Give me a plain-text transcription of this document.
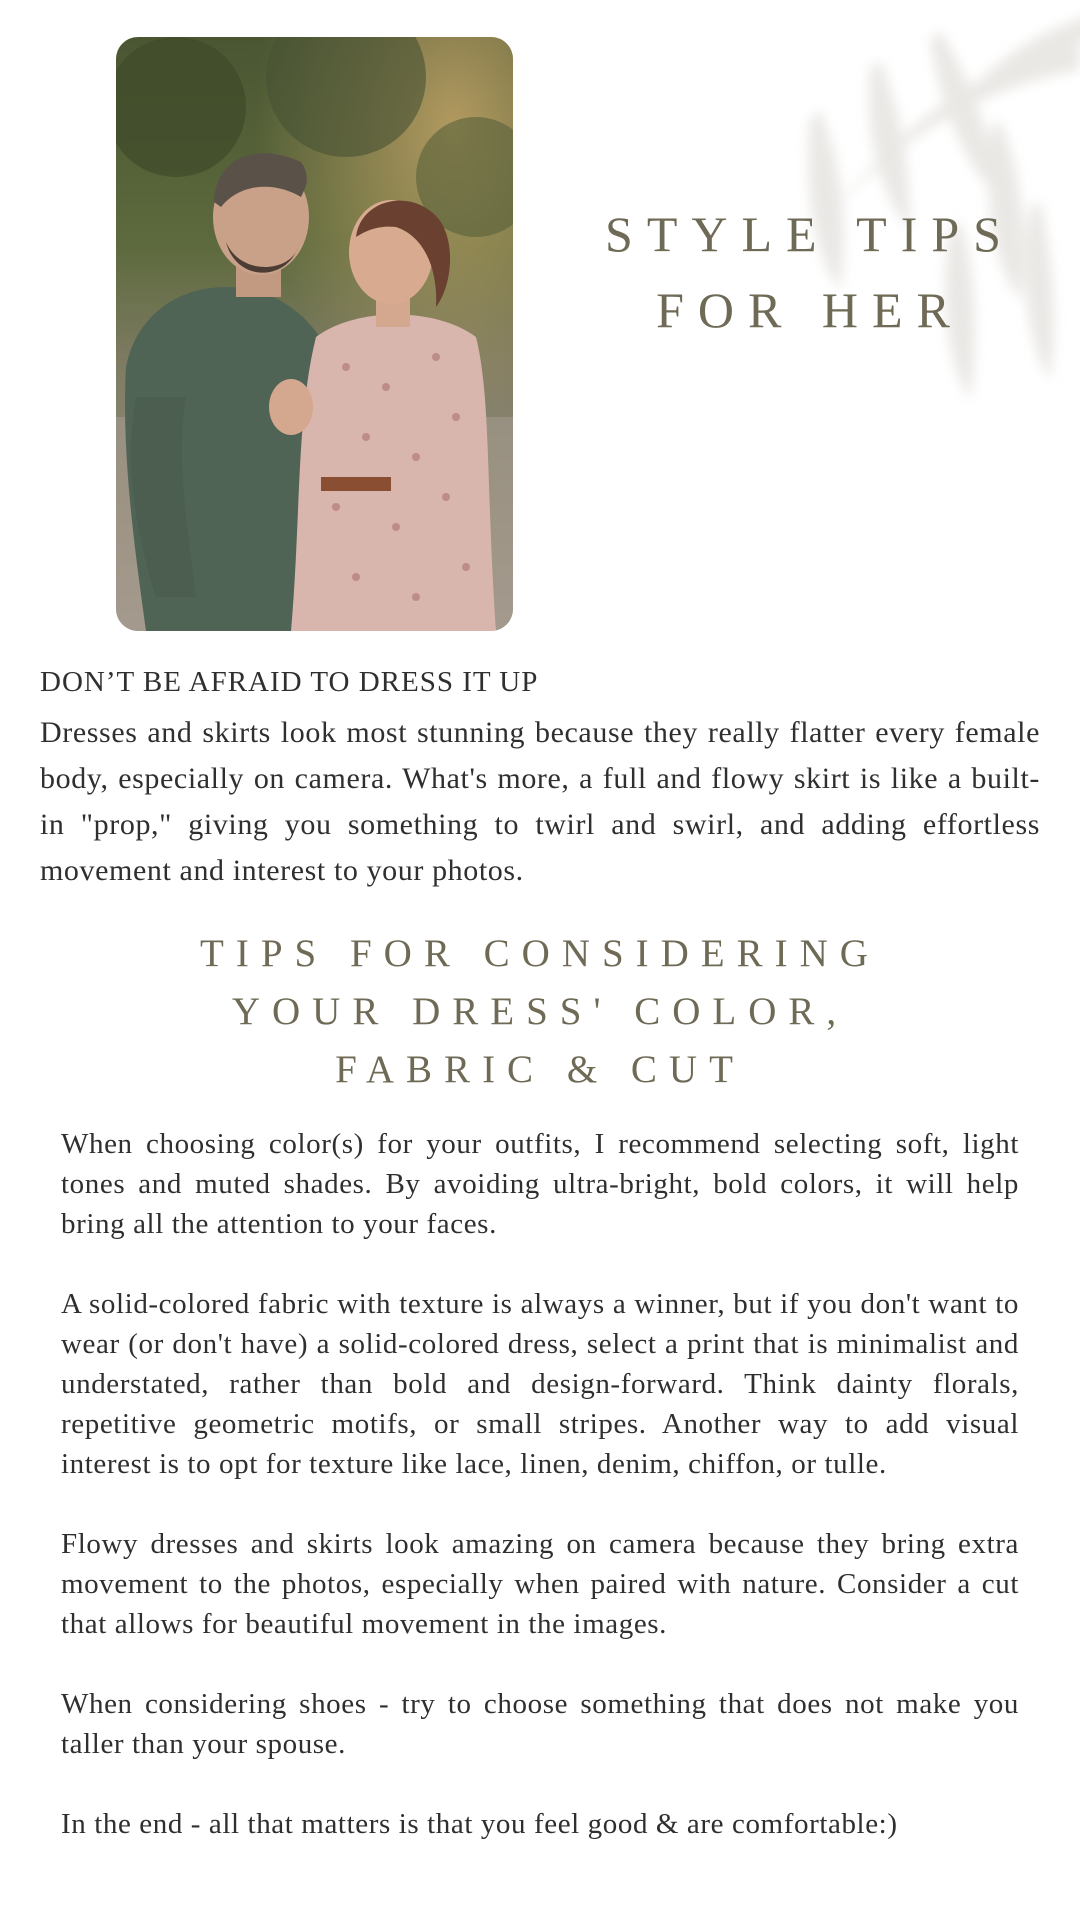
STYLE TIPS
FOR HER
DON’T BE AFRAID TO DRESS IT UP
Dresses and skirts look most stunning because they really flatter every female body, especially on camera. What's more, a full and flowy skirt is like a built-in "prop," giving you something to twirl and swirl, and adding effortless movement and interest to your photos.
TIPS FOR CONSIDERING
YOUR DRESS' COLOR,
FABRIC & CUT

When choosing color(s) for your outfits, I recommend selecting soft, light tones and muted shades. By avoiding ultra-bright, bold colors, it will help bring all the attention to your faces.

A solid-colored fabric with texture is always a winner, but if you don't want to wear (or don't have) a solid-colored dress, select a print that is minimalist and understated, rather than bold and design-forward. Think dainty florals, repetitive geometric motifs, or small stripes. Another way to add visual interest is to opt for texture like lace, linen, denim, chiffon, or tulle.

Flowy dresses and skirts look amazing on camera because they bring extra movement to the photos, especially when paired with nature. Consider a cut that allows for beautiful movement in the images.

When considering shoes - try to choose something that does not make you taller than your spouse.

In the end - all that matters is that you feel good & are comfortable:)
